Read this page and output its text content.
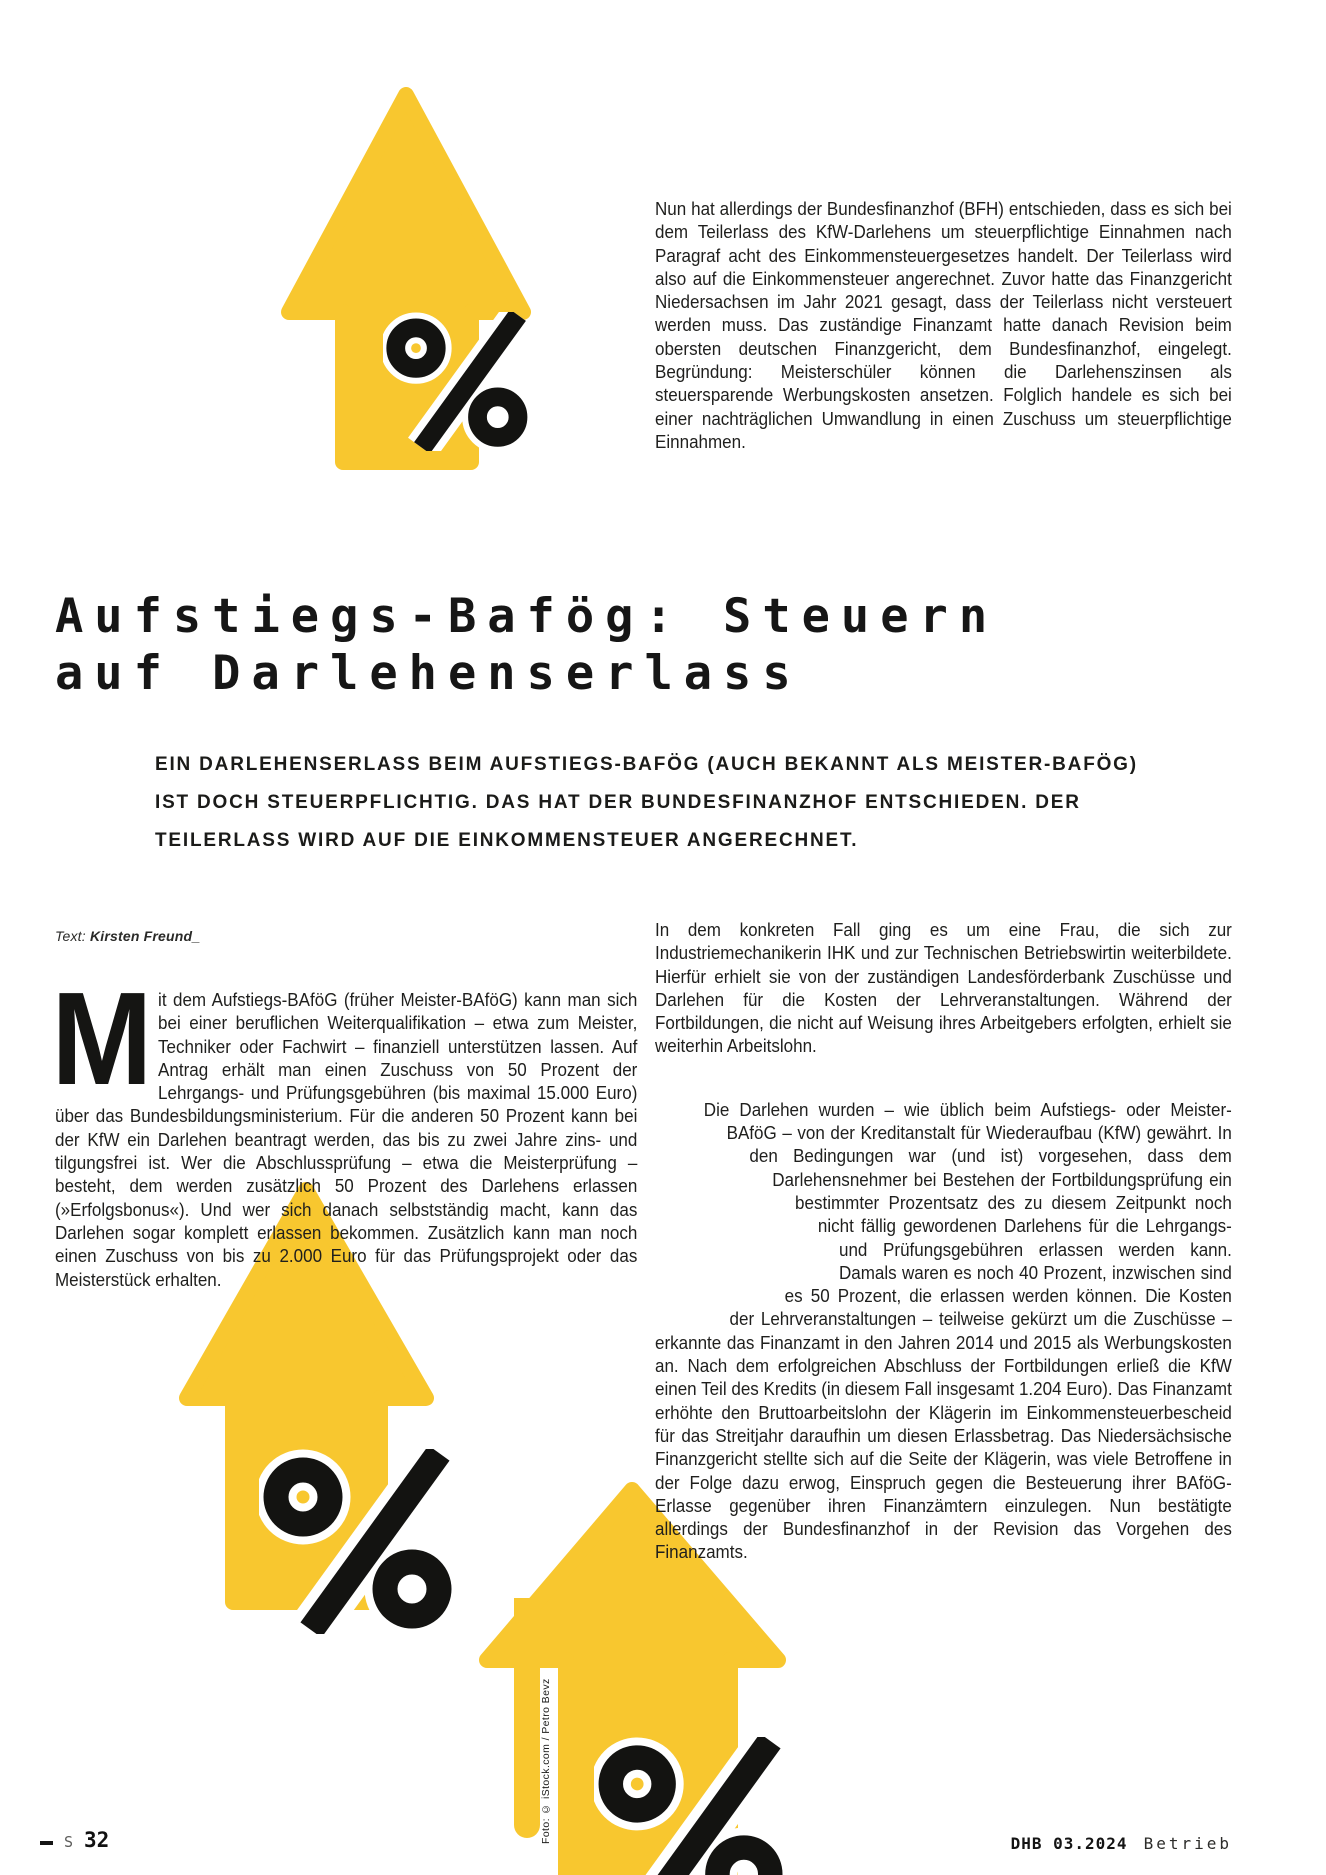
Nun hat allerdings der Bundesfinanzhof (BFH) entschieden, dass es sich bei dem Teilerlass des KfW-Darlehens um steuerpflichtige Einnahmen nach Paragraf acht des Einkommensteuergesetzes handelt. Der Teilerlass wird also auf die Einkommensteuer angerechnet. Zuvor hatte das Finanzgericht Niedersachsen im Jahr 2021 gesagt, dass der Teilerlass nicht versteuert werden muss. Das zuständige Finanzamt hatte danach Revision beim obersten deutschen Finanzgericht, dem Bundesfinanzhof, eingelegt. Begründung: Meisterschüler können die Darlehenszinsen als steuersparende Werbungskosten ansetzen. Folglich handele es sich bei einer nachträglichen Umwandlung in einen Zuschuss um steuerpflichtige Einnahmen.
Aufstiegs-Bafög: Steuern
auf Darlehenserlass
EIN DARLEHENSERLASS BEIM AUFSTIEGS-BAFÖG (AUCH BEKANNT ALS MEISTER-BAFÖG)
IST DOCH STEUERPFLICHTIG. DAS HAT DER BUNDESFINANZHOF ENTSCHIEDEN. DER
TEILERLASS WIRD AUF DIE EINKOMMENSTEUER ANGERECHNET.
Text: Kirsten Freund_

M it dem Aufstiegs-BAföG (früher Meister-BAföG) kann man sich bei einer beruflichen Weiterqualifikation – etwa zum Meister, Techniker oder Fachwirt – finanziell unterstützen lassen. Auf Antrag erhält man einen Zuschuss von 50 Prozent der Lehrgangs- und Prüfungsgebühren (bis maximal 15.000 Euro) über das Bundesbildungsministerium. Für die anderen 50 Prozent kann bei der KfW ein Darlehen beantragt werden, das bis zu zwei Jahre zins- und tilgungsfrei ist. Wer die Abschlussprüfung – etwa die Meisterprüfung – besteht, dem werden zusätzlich 50 Prozent des Darlehens erlassen (»Erfolgsbonus«). Und wer sich danach selbstständig macht, kann das Darlehen sogar komplett erlassen bekommen. Zusätzlich kann man noch einen Zuschuss von bis zu 2.000 Euro für das Prüfungsprojekt oder das Meisterstück erhalten.

In dem konkreten Fall ging es um eine Frau, die sich zur Industriemechanikerin IHK und zur Technischen Betriebswirtin weiterbildete. Hierfür erhielt sie von der zuständigen Landesförderbank Zuschüsse und Darlehen für die Kosten der Lehrveranstaltungen. Während der Fortbildungen, die nicht auf Weisung ihres Arbeitgebers erfolgten, erhielt sie weiterhin Arbeitslohn.

Die Darlehen wurden – wie üblich beim Aufstiegs- oder Meister-BAföG – von der Kreditanstalt für Wiederaufbau (KfW) gewährt. In den Bedingungen war (und ist) vorgesehen, dass dem Darlehensnehmer bei Bestehen der Fortbildungsprüfung ein bestimmter Prozentsatz des zu diesem Zeitpunkt noch nicht fällig gewordenen Darlehens für die Lehrgangs- und Prüfungsgebühren erlassen werden kann. Damals waren es noch 40 Prozent, inzwischen sind es 50 Prozent, die erlassen werden können. Die Kosten der Lehrveranstaltungen – teilweise gekürzt um die Zuschüsse – erkannte das Finanzamt in den Jahren 2014 und 2015 als Werbungskosten an. Nach dem erfolgreichen Abschluss der Fortbildungen erließ die KfW einen Teil des Kredits (in diesem Fall insgesamt 1.204 Euro). Das Finanzamt erhöhte den Bruttoarbeitslohn der Klägerin im Einkommensteuerbescheid für das Streitjahr daraufhin um diesen Erlassbetrag. Das Niedersächsische Finanzgericht stellte sich auf die Seite der Klägerin, was viele Betroffene in der Folge dazu erwog, Einspruch gegen die Besteuerung ihrer BAföG-Erlasse gegenüber ihren Finanzämtern einzulegen. Nun bestätigte allerdings der Bundesfinanzhof in der Revision das Vorgehen des Finanzamts.

Foto: © iStock.com / Petro Bevz
S 32	DHB 03.2024 Betrieb
